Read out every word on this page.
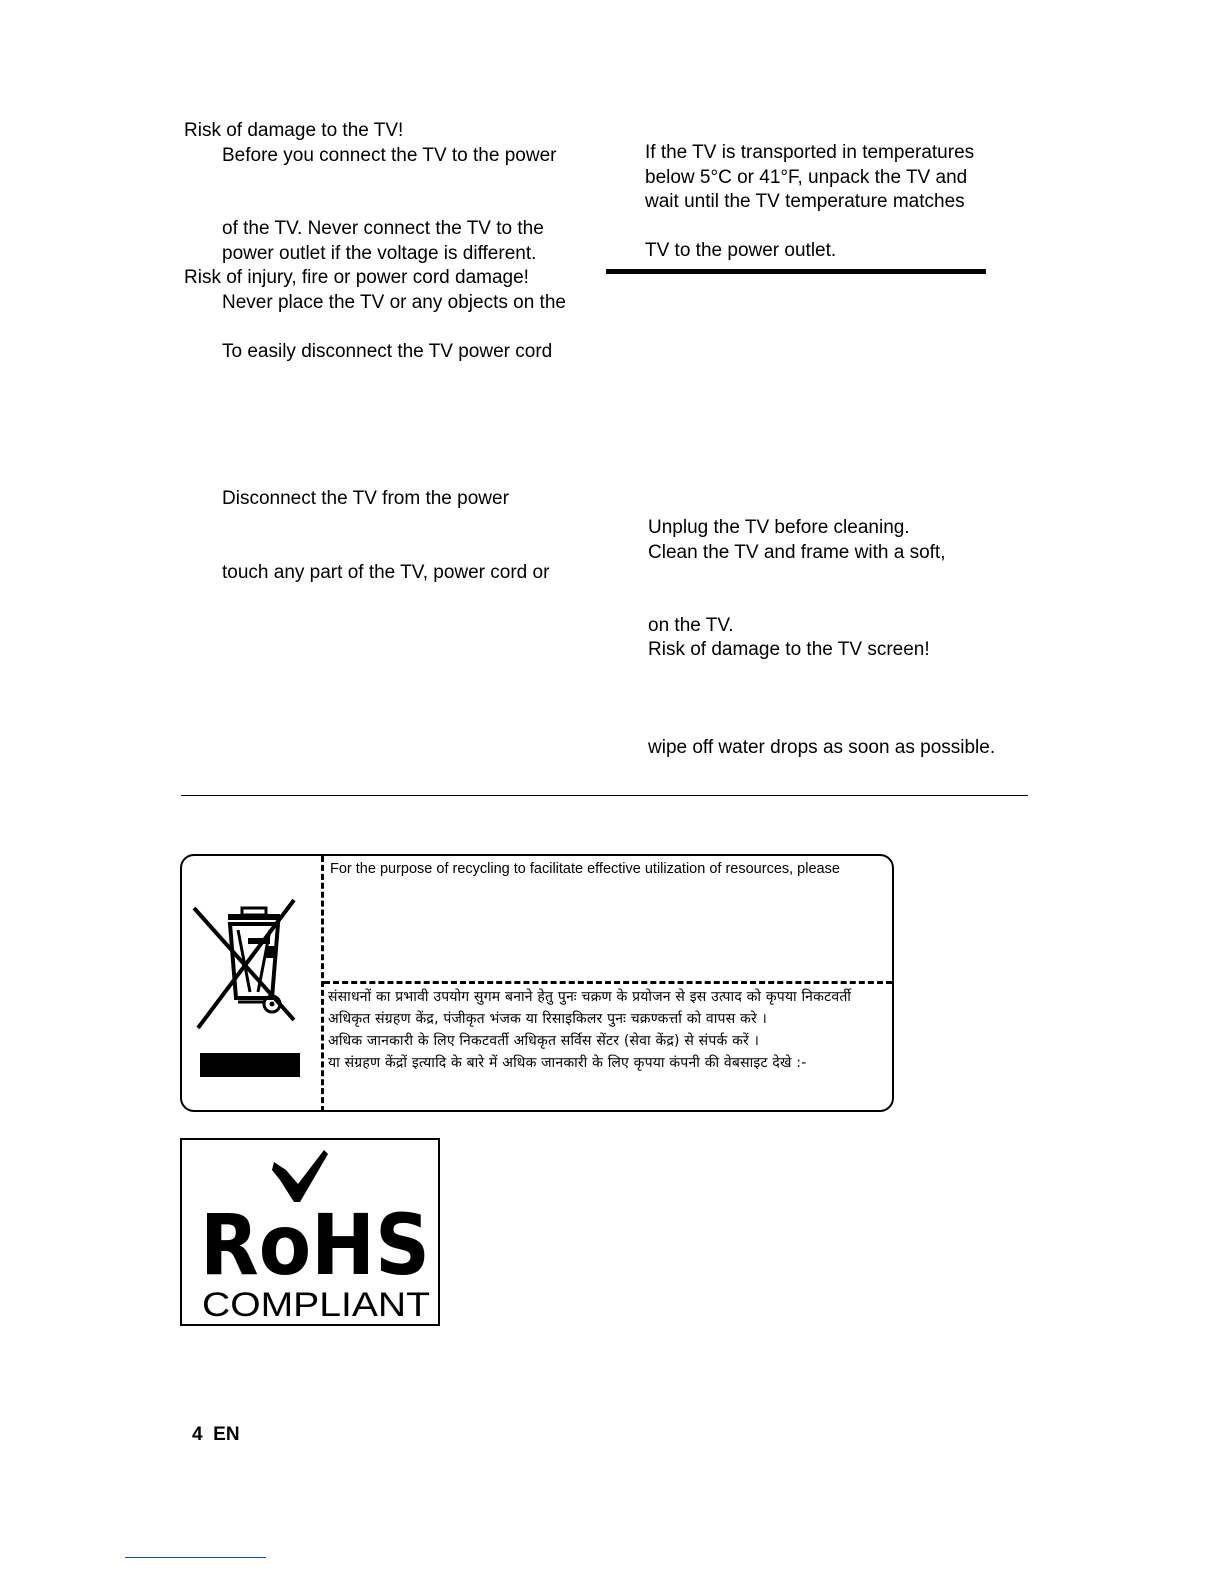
Risk of damage to the TV!
Before you connect the TV to the power
of the TV. Never connect the TV to the
power outlet if the voltage is different.
Risk of injury, fire or power cord damage!
Never place the TV or any objects on the
To easily disconnect the TV power cord
Disconnect the TV from the power
touch any part of the TV, power cord or
If the TV is transported in temperatures
below 5°C or 41°F, unpack the TV and
wait until the TV temperature matches
TV to the power outlet.
Unplug the TV before cleaning.
Clean the TV and frame with a soft,
on the TV.
Risk of damage to the TV screen!
wipe off water drops as soon as possible.
For the purpose of recycling to facilitate effective utilization of resources, please
संसाधनों का प्रभावी उपयोग सुगम बनाने हेतु पुनः चक्रण के प्रयोजन से इस उत्पाद को कृपया निकटवर्ती
अधिकृत संग्रहण केंद्र, पंजीकृत भंजक या रिसाइकिलर पुनः चक्रण्कर्त्ता को वापस करे ।
अधिक जानकारी के लिए निकटवर्ती अधिकृत सर्विस सेंटर (सेवा केंद्र) से संपर्क करें ।
या संग्रहण केंद्रों इत्यादि के बारे में अधिक जानकारी के लिए कृपया कंपनी की वेबसाइट देखे :-
RoHS
COMPLIANT
4 EN
